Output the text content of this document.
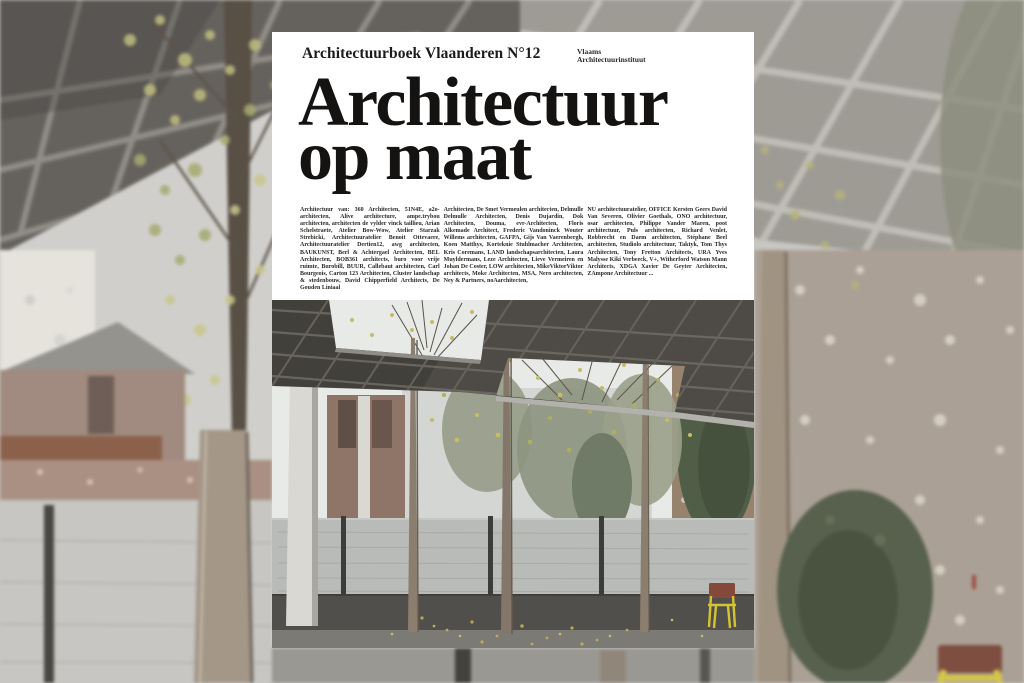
Architectuurboek Vlaanderen N°12	Vlaams
Architectuurinstituut
Architectuur
op maat

Architectuur van: 360 Architecten, 51N4E, a2o-architecten, Alive architecture, ampe.trybou architecten, architecten de vylder vinck taillieu, Arian Schelstraete, Atelier Bow-Wow, Atelier Starzak Strebicki, Architectuuratelier Benoit Ottevaere, Architectuuratelier Dertien12, awg architecten, BAUKUNST, Berl & Achtergael Architecten, BEL Architecten, BOB361 architects, buro voor vrije ruimte, Burobill, BUUR, Callebaut architecten, Carl Bourgeois, Carton 123 Architecten, Cluster landschap & stedenbouw, David Chipperfield Architects, De Gouden Liniaal

Architecten, De Smet Vermeulen architecten, Delmulle Delmulle Architecten, Denis Dujardin, Dok Architecten, Douma, evr-Architecten, Floris Alkemade Architect, Frederic Vandoninck Wouter Willems architecten, GAFPA, Gijs Van Vaerenbergh, Koen Matthys, Korteknie Stuhlmacher Architecten, Kris Coremans, LAND landschapsarchitecten, Laura Muyldermans, Leze Architecten, Lieve Vermeiren en Johan De Coster, LOW architecten, MikeViktorViktor architects, Moke Architecten, MSA, Nero architecten, Ney & Partners, noAarchitecten,

NU architectuuratelier, OFFICE Kersten Geers David Van Severen, Olivier Goethals, ONO architectuur, osar architecten, Philippe Vander Maren, poot architectuur, Puls architecten, Richard Venlet, Robbrecht en Daem architecten, Stéphane Beel architecten, Studiolo architectuur, Taktyk, Tom Thys Architecten, Tony Fretton Architects, URA Yves Malysse Kiki Verbeeck, V+, Witherford Watson Mann Architects, XDGA Xavier De Geyter Architecten, ZAmpone Architectuur ...
